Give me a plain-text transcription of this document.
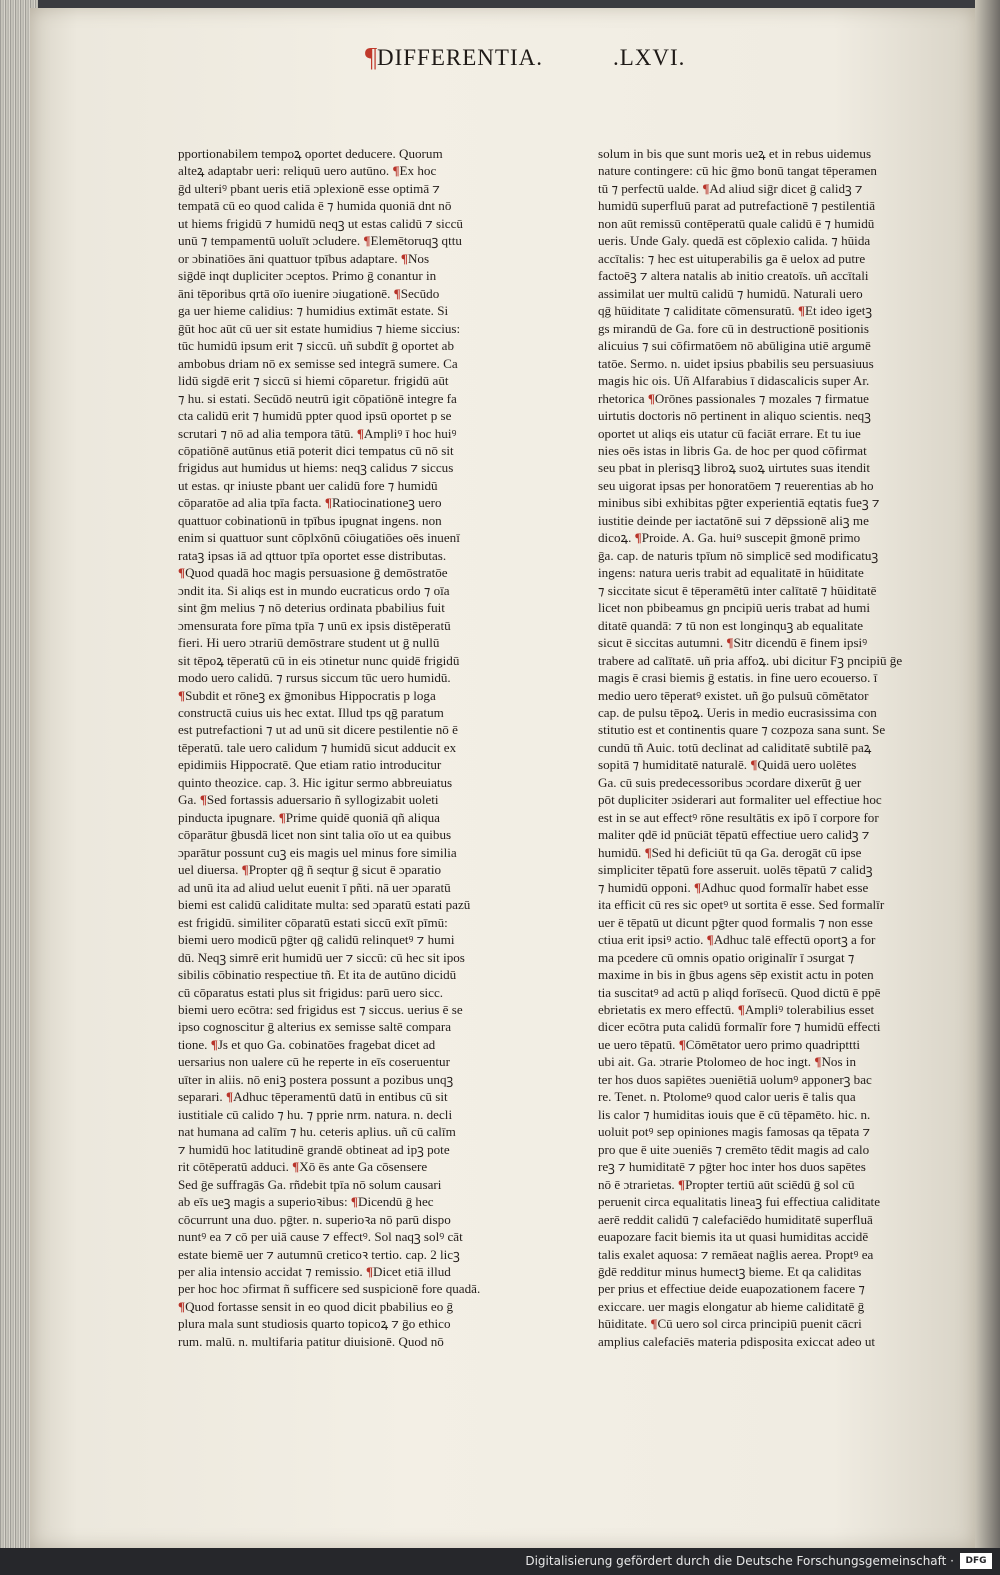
¶
DIFFERENTIA.	.LXVI.
pportionabilem tempoꝝ oportet deducere. Quorum
alteꝝ adaptabr ueri: reliquū uero autūno. ¶Ex hoc
ḡd ulteriꝰ pbant ueris etiā ɔplexionē esse optimā ⁊
tempatā cū eo quod calida ē ⁊ humida quoniā dnt nō
ut hiems frigidū ⁊ humidū neqꝫ ut estas calidū ⁊ siccū
unū ⁊ tempamentū uoluīt ɔcludere. ¶Elemētoruqꝫ qttu
or ɔbinatiōes āni quattuor tpībus adaptare. ¶Nos
siḡdē inqt dupliciter ɔceptos. Primo ḡ conantur in
āni tēporibus qrtā oīo iuenire ɔiugationē. ¶Secūdo
ga uer hieme calidius: ⁊ humidius extimāt estate. Si
ḡūt hoc aūt cū uer sit estate humidius ⁊ hieme siccius:
tūc humidū ipsum erit ⁊ siccū. uñ subdīt ḡ oportet ab
ambobus driam nō ex semisse sed integrā sumere. Ca
lidū sigdē erit ⁊ siccū si hiemi cōparetur. frigidū aūt
⁊ hu. si estati. Secūdō neutrū igit cōpatiōnē integre fa
cta calidū erit ⁊ humidū ppter quod ipsū oportet p se
scrutari ⁊ nō ad alia tempora tātū. ¶Ampliꝰ ī hoc huiꝰ
cōpatiōnē autūnus etiā poterit dici tempatus cū nō sit
frigidus aut humidus ut hiems: neqꝫ calidus ⁊ siccus
ut estas. qr iniuste pbant uer calidū fore ⁊ humidū
cōparatōe ad alia tpīa facta. ¶Ratiocinationeꝫ uero
quattuor cobinationū in tpībus ipugnat ingens. non
enim si quattuor sunt cōplxōnū cōiugatiōes oēs inuenī
rataꝫ ipsas iā ad qttuor tpīa oportet esse distributas.
¶Quod quadā hoc magis persuasione ḡ demōstratōe
ɔndit ita. Si aliqs est in mundo eucraticus ordo ⁊ oīa
sint ḡm melius ⁊ nō deterius ordinata pbabilius fuit
ɔmensurata fore pīma tpīa ⁊ unū ex ipsis distēperatū
fieri. Hi uero ɔtrariū demōstrare student ut ḡ nullū
sit tēpoꝝ tēperatū cū in eis ɔtinetur nunc quidē frigidū
modo uero calidū. ⁊ rursus siccum tūc uero humidū.
¶Subdit et rōneꝫ ex ḡmonibus Hippocratis p loga
constructā cuius uis hec extat. Illud tps qḡ paratum
est putrefactioni ⁊ ut ad unū sit dicere pestilentie nō ē
tēperatū. tale uero calidum ⁊ humidū sicut adducit ex
epidimiis Hippocratē. Que etiam ratio introducitur
quinto theozice. cap. 3. Hic igitur sermo abbreuiatus
Ga. ¶Sed fortassis aduersario ñ syllogizabit uoleti
pinducta ipugnare. ¶Prime quidē quoniā qñ aliqua
cōparātur ḡbusdā licet non sint talia oīo ut ea quibus
ɔparātur possunt cuꝫ eis magis uel minus fore similia
uel diuersa. ¶Propter qḡ ñ seqtur ḡ sicut ē ɔparatio
ad unū ita ad aliud uelut euenit ī pñti. nā uer ɔparatū
biemi est calidū caliditate multa: sed ɔparatū estati pazū
est frigidū. similiter cōparatū estati siccū exīt pīmū:
biemi uero modicū pḡter qḡ calidū relinquetꝰ ⁊ humi
dū. Neqꝫ simrē erit humidū uer ⁊ siccū: cū hec sit ipos
sibilis cōbinatio respectiue tñ. Et ita de autūno dicidū
cū cōparatus estati plus sit frigidus: parū uero sicc.
biemi uero ecōtra: sed frigidus est ⁊ siccus. uerius ē se
ipso cognoscitur ḡ alterius ex semisse saltē compara
tione. ¶Js et quo Ga. cobinatōes fragebat dicet ad
uersarius non ualere cū he reperte in eīs coseruentur
uīter in aliis. nō eniꝫ postera possunt a pozibus unqꝫ
separari. ¶Adhuc tēperamentū datū in entibus cū sit
iustitiale cū calido ⁊ hu. ⁊ pprie nrm. natura. n. decli
nat humana ad calīm ⁊ hu. ceteris aplius. uñ cū calīm
⁊ humidū hoc latitudinē grandē obtineat ad ipꝫ pote
rit cōtēperatū adduci. ¶Xō ēs ante Ga cōsensere
Sed ḡe suffragās Ga. rñdebit tpīa nō solum causari
ab eīs ueꝫ magis a superioꝛibus: ¶Dicendū ḡ hec
cōcurrunt una duo. pḡter. n. superioꝛa nō parū dispo
nuntꝰ ea ⁊ cō per uiā cause ⁊ effectꝰ. Sol naqꝫ solꝰ cāt
estate biemē uer ⁊ autumnū creticoꝛ tertio. cap. 2 licꝫ
per alia intensio accidat ⁊ remissio. ¶Dicet etiā illud
per hoc hoc ɔfirmat ñ sufficere sed suspicionē fore quadā.
¶Quod fortasse sensit in eo quod dicit pbabilius eo ḡ
plura mala sunt studiosis quarto topicoꝝ ⁊ ḡo ethico
rum. malū. n. multifaria patitur diuisionē. Quod nō
solum in bis que sunt moris ueꝝ et in rebus uidemus
nature contingere: cū hic ḡmo bonū tangat tēperamen
tū ⁊ perfectū ualde. ¶Ad aliud siḡr dicet ḡ calidꝫ ⁊
humidū superfluū parat ad putrefactionē ⁊ pestilentiā
non aūt remissū contēperatū quale calidū ē ⁊ humidū
ueris. Unde Galy. quedā est cōplexio calida. ⁊ hūida
accītalis: ⁊ hec est uituperabilis ga ē uelox ad putre
factoēꝫ ⁊ altera natalis ab initio creatoīs. uñ accītali
assimilat uer multū calidū ⁊ humidū. Naturali uero
qḡ hūiditate ⁊ caliditate cōmensuratū. ¶Et ideo igetꝫ
gs mirandū de Ga. fore cū in destructionē positionis
alicuius ⁊ sui cōfirmatōem nō abūligina utiē argumē
tatōe. Sermo. n. uidet ipsius pbabilis seu persuasiuus
magis hic ois. Uñ Alfarabius ī didascalicis super Ar.
rhetorica ¶Orōnes passionales ⁊ mozales ⁊ firmatue
uirtutis doctoris nō pertinent in aliquo scientis. neqꝫ
oportet ut aliqs eis utatur cū faciāt errare. Et tu iue
nies oēs istas in libris Ga. de hoc per quod cōfirmat
seu pbat in plerisqꝫ libroꝝ suoꝝ uirtutes suas itendit
seu uigorat ipsas per honoratōem ⁊ reuerentias ab ho
minibus sibi exhibitas pḡter experientiā eqtatis fueꝫ ⁊
iustitie deinde per iactatōnē sui ⁊ dēpssionē aliꝫ me
dicoꝝ. ¶Proide. A. Ga. huiꝰ suscepit ḡmonē primo
ḡa. cap. de naturis tpīum nō simplicē sed modificatuꝫ
ingens: natura ueris trabit ad equalitatē in hūiditate
⁊ siccitate sicut ē tēperamētū inter calītatē ⁊ hūiditatē
licet non pbibeamus gn pncipiū ueris trabat ad humi
ditatē quandā: ⁊ tū non est longinquꝫ ab equalitate
sicut ē siccitas autumni. ¶Sitr dicendū ē finem ipsiꝰ
trabere ad calītatē. uñ pria affoꝝ. ubi dicitur Fꝫ pncipiū ḡe
magis ē crasi biemis ḡ estatis. in fine uero ecouerso. ī
medio uero tēperatꝰ existet. uñ ḡo pulsuū cōmētator
cap. de pulsu tēpoꝝ. Ueris in medio eucrasissima con
stitutio est et continentis quare ⁊ cozpoza sana sunt. Se
cundū tñ Auic. totū declinat ad caliditatē subtilē paꝝ
sopitā ⁊ humiditatē naturalē. ¶Quidā uero uolētes
Ga. cū suis predecessoribus ɔcordare dixerūt ḡ uer
pōt dupliciter ɔsiderari aut formaliter uel effectiue hoc
est in se aut effectꝰ rōne resultātis ex ipō ī corpore for
maliter qdē id pnūciāt tēpatū effectiue uero calidꝫ ⁊
humidū. ¶Sed hi deficiūt tū qa Ga. derogāt cū ipse
simpliciter tēpatū fore asseruit. uolēs tēpatū ⁊ calidꝫ
⁊ humidū opponi. ¶Adhuc quod formalīr habet esse
ita efficit cū res sic opetꝰ ut sortita ē esse. Sed formalīr
uer ē tēpatū ut dicunt pḡter quod formalis ⁊ non esse
ctiua erit ipsiꝰ actio. ¶Adhuc talē effectū oportꝫ a for
ma pcedere cū omnis opatio originalīr ī ɔsurgat ⁊
maxime in bis in ḡbus agens sēp existit actu in poten
tia suscitatꝰ ad actū p aliqd forīsecū. Quod dictū ē ppē
ebrietatis ex mero effectū. ¶Ampliꝰ tolerabilius esset
dicer ecōtra puta calidū formalīr fore ⁊ humidū effecti
ue uero tēpatū. ¶Cōmētator uero primo quadripttti
ubi ait. Ga. ɔtrarie Ptolomeo de hoc ingt. ¶Nos in
ter hos duos sapiētes ɔueniētiā uolumꝰ apponerꝫ bac
re. Tenet. n. Ptolomeꝰ quod calor ueris ē talis qua
lis calor ⁊ humiditas iouis que ē cū tēpamēto. hic. n.
uoluit potꝰ sep opiniones magis famosas qa tēpata ⁊
pro que ē uite ɔueniēs ⁊ cremēto tēdit magis ad calo
reꝫ ⁊ humiditatē ⁊ pḡter hoc inter hos duos sapētes
nō ē ɔtrarietas. ¶Propter tertiū aūt sciēdū ḡ sol cū
peruenit circa equalitatis lineaꝫ fui effectiua caliditate
aerē reddit calidū ⁊ calefaciēdo humiditatē superfluā
euapozare facit biemis ita ut quasi humiditas accidē
talis exalet aquosa: ⁊ remāeat naḡlis aerea. Proptꝰ ea
ḡdē redditur minus humectꝫ bieme. Et qa caliditas
per prius et effectiue deide euapozationem facere ⁊
exiccare. uer magis elongatur ab hieme caliditatē ḡ
hūiditate. ¶Cū uero sol circa principiū puenit cācri
amplius calefaciēs materia pdisposita exiccat adeo ut
Digitalisierung gefördert durch die Deutsche Forschungsgemeinschaft ·	DFG
